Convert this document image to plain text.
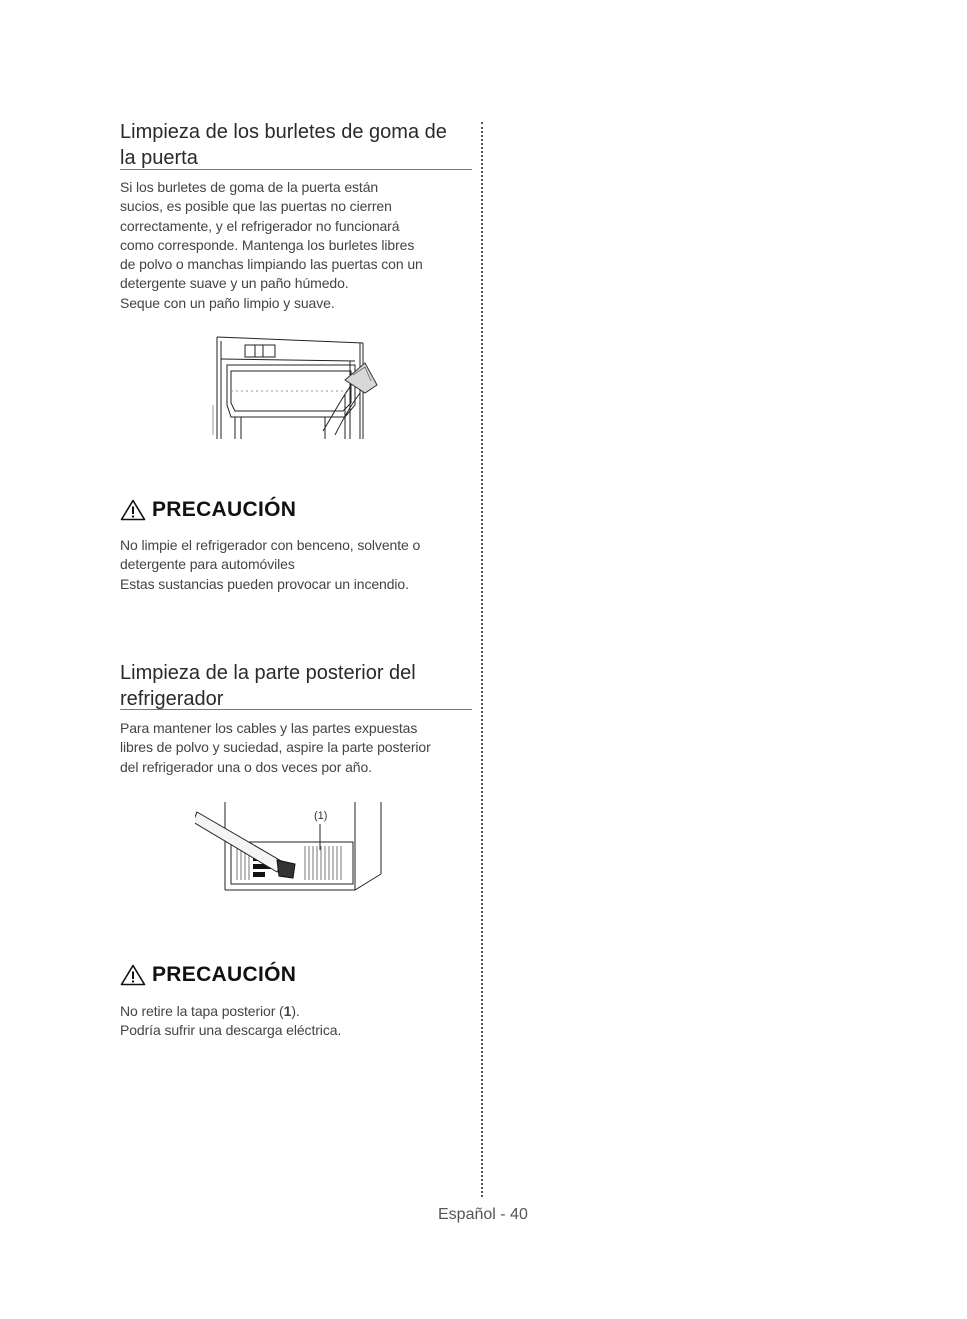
Limpieza de los burletes de goma de
la puerta
Si los burletes de goma de la puerta están
sucios, es posible que las puertas no cierren
correctamente, y el refrigerador no funcionará
como corresponde. Mantenga los burletes libres
de polvo o manchas limpiando las puertas con un
detergente suave y un paño húmedo.
Seque con un paño limpio y suave.
PRECAUCIÓN
No limpie el refrigerador con benceno, solvente o
detergente para automóviles
Estas sustancias pueden provocar un incendio.
Limpieza de la parte posterior del
refrigerador
Para mantener los cables y las partes expuestas
libres de polvo y suciedad, aspire la parte posterior
del refrigerador una o dos veces por año.
(1)
PRECAUCIÓN
No retire la tapa posterior (1).
Podría sufrir una descarga eléctrica.
Español - 40
